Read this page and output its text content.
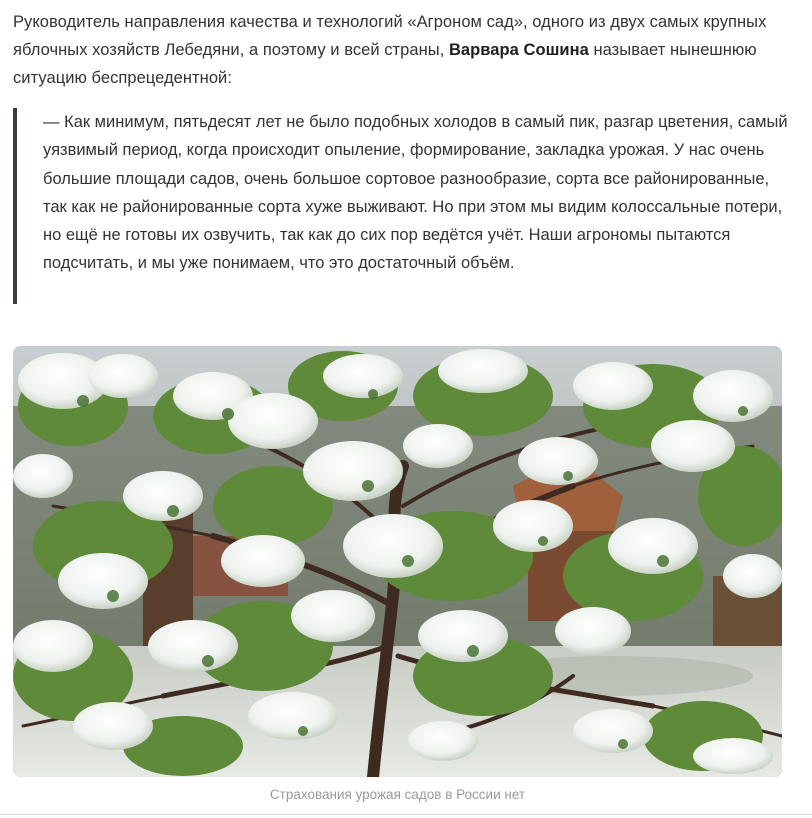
Руководитель направления качества и технологий «Агроном сад», одного из двух самых крупных яблочных хозяйств Лебедяни, а поэтому и всей страны, Варвара Сошина называет нынешнюю ситуацию беспрецедентной:

— Как минимум, пятьдесят лет не было подобных холодов в самый пик, разгар цветения, самый уязвимый период, когда происходит опыление, формирование, закладка урожая. У нас очень большие площади садов, очень большое сортовое разнообразие, сорта все районированные, так как не районированные сорта хуже выживают. Но при этом мы видим колоссальные потери, но ещё не готовы их озвучить, так как до сих пор ведётся учёт. Наши агрономы пытаются подсчитать, и мы уже понимаем, что это достаточный объём.

Страхования урожая садов в России нет
